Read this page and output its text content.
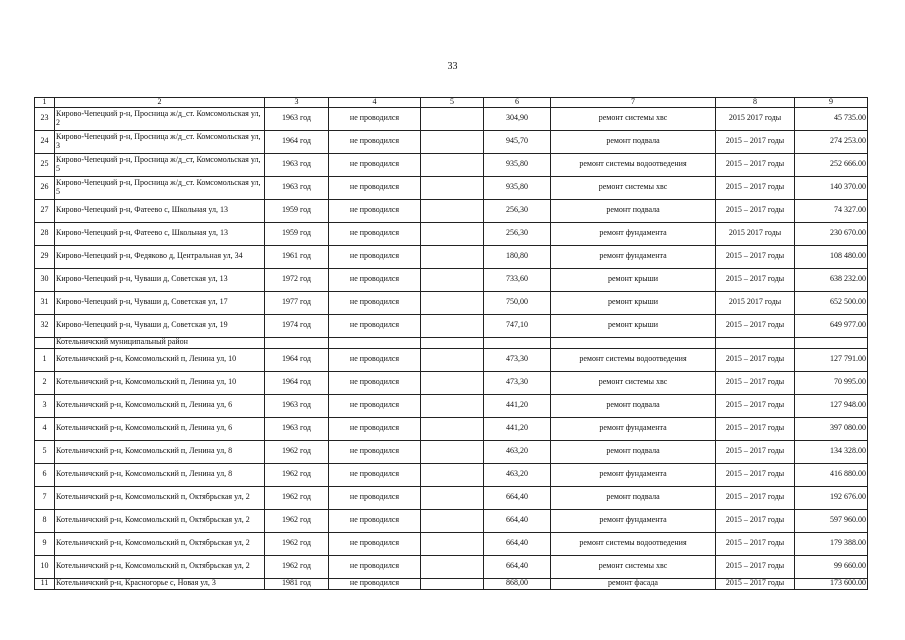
33
1	2	3	4	5	6	7	8	9
23	Кирово-Чепецкий р-н, Просница ж/д_ст. Комсомольская ул, 2	1963 год	не проводился		304,90	ремонт системы хвс	2015 2017 годы	45 735.00
24	Кирово-Чепецкий р-н, Просница ж/д_ст. Комсомольская ул, 3	1964 год	не проводился		945,70	ремонт подвала	2015 – 2017 годы	274 253.00
25	Кирово-Чепецкий р-н, Просница ж/д_ст, Комсомольская ул, 5	1963 год	не проводился		935,80	ремонт системы водоотведения	2015 – 2017 годы	252 666.00
26	Кирово-Чепецкий р-н, Просница ж/д_ст. Комсомольская ул, 5	1963 год	не проводился		935,80	ремонт системы хвс	2015 – 2017 годы	140 370.00
27	Кирово-Чепецкий р-н, Фатеево с, Школьная ул, 13	1959 год	не проводился		256,30	ремонт подвала	2015 – 2017 годы	74 327.00
28	Кирово-Чепецкий р-н, Фатеево с, Школьная ул, 13	1959 год	не проводился		256,30	ремонт фундамента	2015 2017 годы	230 670.00
29	Кирово-Чепецкий р-н, Федяково д, Центральная ул, 34	1961 год	не проводился		180,80	ремонт фундамента	2015 – 2017 годы	108 480.00
30	Кирово-Чепецкий р-н, Чуваши д, Советская ул, 13	1972 год	не проводился		733,60	ремонт крыши	2015 – 2017 годы	638 232.00
31	Кирово-Чепецкий р-н, Чуваши д, Советская ул, 17	1977 год	не проводился		750,00	ремонт крыши	2015 2017 годы	652 500.00
32	Кирово-Чепецкий р-н, Чуваши д, Советская ул, 19	1974 год	не проводился		747,10	ремонт крыши	2015 – 2017 годы	649 977.00
	Котельничский муниципальный район							
1	Котельничский р-н, Комсомольский п, Ленина ул, 10	1964 год	не проводился		473,30	ремонт системы водоотведения	2015 – 2017 годы	127 791.00
2	Котельничский р-н, Комсомольский п, Ленина ул, 10	1964 год	не проводился		473,30	ремонт системы хвс	2015 – 2017 годы	70 995.00
3	Котельничский р-н, Комсомольский п, Ленина ул, 6	1963 год	не проводился		441,20	ремонт подвала	2015 – 2017 годы	127 948.00
4	Котельничский р-н, Комсомольский п, Ленина ул, 6	1963 год	не проводился		441,20	ремонт фундамента	2015 – 2017 годы	397 080.00
5	Котельничский р-н, Комсомольский п, Ленина ул, 8	1962 год	не проводился		463,20	ремонт подвала	2015 – 2017 годы	134 328.00
6	Котельничский р-н, Комсомольский п, Ленина ул, 8	1962 год	не проводился		463,20	ремонт фундамента	2015 – 2017 годы	416 880.00
7	Котельничский р-н, Комсомольский п, Октябрьская ул, 2	1962 год	не проводился		664,40	ремонт подвала	2015 – 2017 годы	192 676.00
8	Котельничский р-н, Комсомольский п, Октябрьская ул, 2	1962 год	не проводился		664,40	ремонт фундамента	2015 – 2017 годы	597 960.00
9	Котельничский р-н, Комсомольский п, Октябрьская ул, 2	1962 год	не проводился		664,40	ремонт системы водоотведения	2015 – 2017 годы	179 388.00
10	Котельничский р-н, Комсомольский п, Октябрьская ул, 2	1962 год	не проводился		664,40	ремонт системы хвс	2015 – 2017 годы	99 660.00
11	Котельничский р-н, Красногорье с, Новая ул, 3	1981 год	не проводился		868,00	ремонт фасада	2015 – 2017 годы	173 600.00
